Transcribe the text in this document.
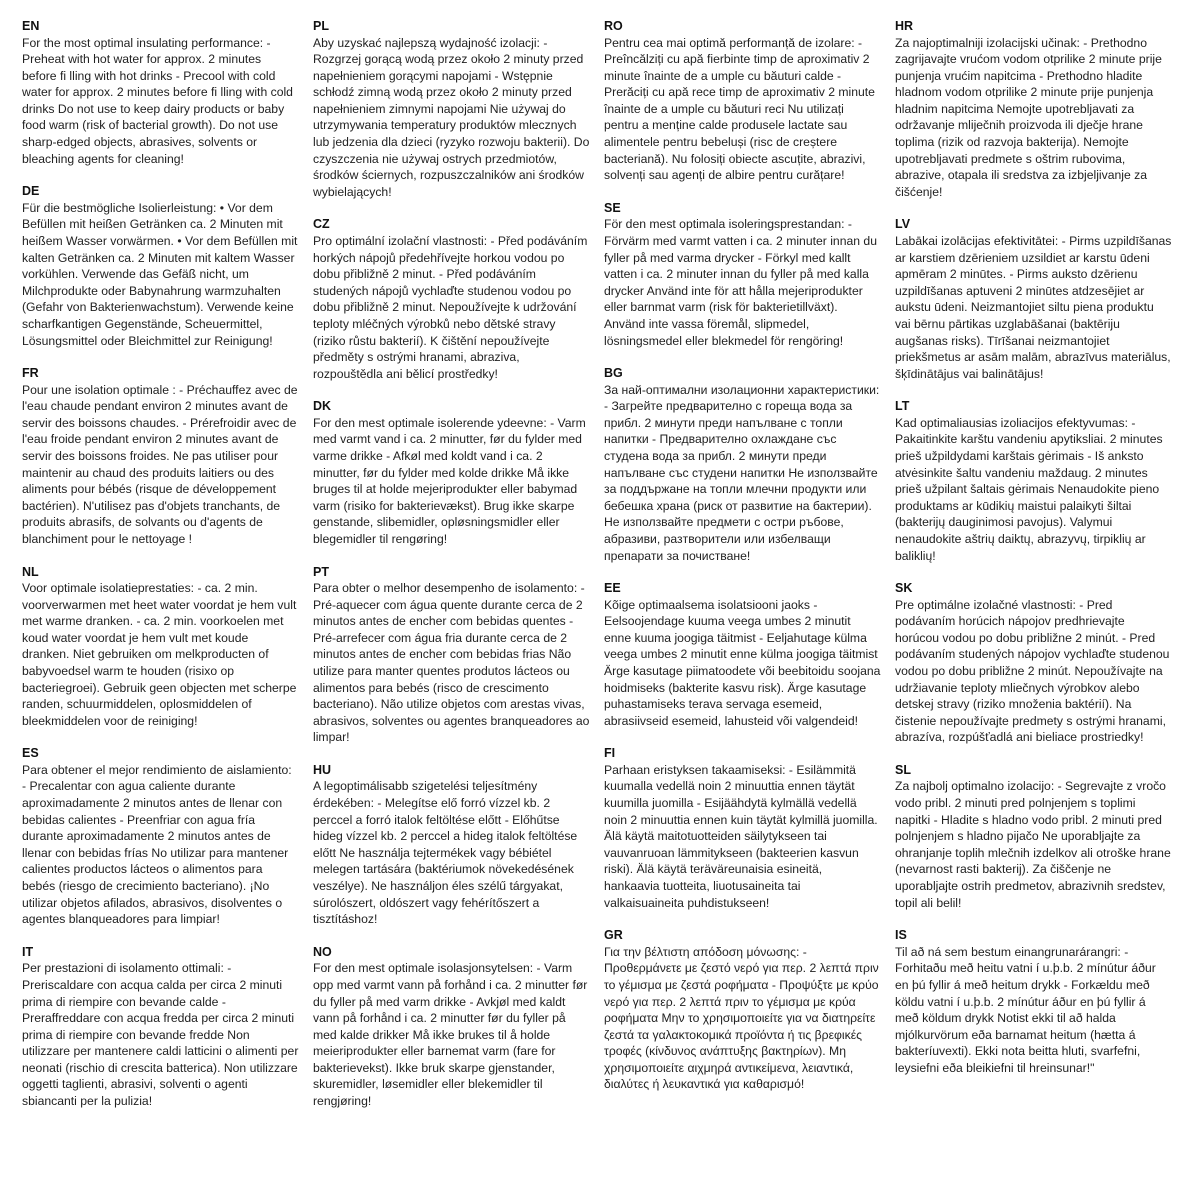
EN
For the most optimal insulating performance: - Preheat with hot water for approx. 2 minutes before fi lling with hot drinks - Precool with cold water for approx. 2 minutes before fi lling with cold drinks Do not use to keep dairy products or baby food warm (risk of bacterial growth). Do not use sharp-edged objects, abrasives, solvents or bleaching agents for cleaning!
DE
Für die bestmögliche Isolierleistung: • Vor dem Befüllen mit heißen Getränken ca. 2 Minuten mit heißem Wasser vorwärmen. • Vor dem Befüllen mit kalten Getränken ca. 2 Minuten mit kaltem Wasser vorkühlen. Verwende das Gefäß nicht, um Milchprodukte oder Babynahrung warmzuhalten (Gefahr von Bakterienwachstum). Verwende keine scharfkantigen Gegenstände, Scheuermittel, Lösungsmittel oder Bleichmittel zur Reinigung!
FR
Pour une isolation optimale : - Préchauffez avec de l'eau chaude pendant environ 2 minutes avant de servir des boissons chaudes. - Prérefroidir avec de l'eau froide pendant environ 2 minutes avant de servir des boissons froides. Ne pas utiliser pour maintenir au chaud des produits laitiers ou des aliments pour bébés (risque de développement bactérien). N'utilisez pas d'objets tranchants, de produits abrasifs, de solvants ou d'agents de blanchiment pour le nettoyage !
NL
Voor optimale isolatieprestaties: - ca. 2 min. voorverwarmen met heet water voordat je hem vult met warme dranken. - ca. 2 min. voorkoelen met koud water voordat je hem vult met koude dranken. Niet gebruiken om melkproducten of babyvoedsel warm te houden (risixo op bacteriegroei). Gebruik geen objecten met scherpe randen, schuurmiddelen, oplosmiddelen of bleekmiddelen voor de reiniging!
ES
Para obtener el mejor rendimiento de aislamiento: - Precalentar con agua caliente durante aproximadamente 2 minutos antes de llenar con bebidas calientes - Preenfriar con agua fría durante aproximadamente 2 minutos antes de llenar con bebidas frías No utilizar para mantener calientes productos lácteos o alimentos para bebés (riesgo de crecimiento bacteriano). ¡No utilizar objetos afilados, abrasivos, disolventes o agentes blanqueadores para limpiar!
IT
Per prestazioni di isolamento ottimali: - Preriscaldare con acqua calda per circa 2 minuti prima di riempire con bevande calde - Preraffreddare con acqua fredda per circa 2 minuti prima di riempire con bevande fredde Non utilizzare per mantenere caldi latticini o alimenti per neonati (rischio di crescita batterica). Non utilizzare oggetti taglienti, abrasivi, solventi o agenti sbiancanti per la pulizia!
PL
Aby uzyskać najlepszą wydajność izolacji: - Rozgrzej gorącą wodą przez około 2 minuty przed napełnieniem gorącymi napojami - Wstępnie schłodź zimną wodą przez około 2 minuty przed napełnieniem zimnymi napojami Nie używaj do utrzymywania temperatury produktów mlecznych lub jedzenia dla dzieci (ryzyko rozwoju bakterii). Do czyszczenia nie używaj ostrych przedmiotów, środków ściernych, rozpuszczalników ani środków wybielających!
CZ
Pro optimální izolační vlastnosti: - Před podáváním horkých nápojů předehřívejte horkou vodou po dobu přibližně 2 minut. - Před podáváním studených nápojů vychlaďte studenou vodou po dobu přibližně 2 minut. Nepoužívejte k udržování teploty mléčných výrobků nebo dětské stravy (riziko růstu bakterií). K čištění nepoužívejte předměty s ostrými hranami, abraziva, rozpouštědla ani bělicí prostředky!
DK
For den mest optimale isolerende ydeevne: - Varm med varmt vand i ca. 2 minutter, før du fylder med varme drikke - Afkøl med koldt vand i ca. 2 minutter, før du fylder med kolde drikke Må ikke bruges til at holde mejeriprodukter eller babymad varm (risiko for bakterievækst). Brug ikke skarpe genstande, slibemidler, opløsningsmidler eller blegemidler til rengøring!
PT
Para obter o melhor desempenho de isolamento: - Pré-aquecer com água quente durante cerca de 2 minutos antes de encher com bebidas quentes - Pré-arrefecer com água fria durante cerca de 2 minutos antes de encher com bebidas frias Não utilize para manter quentes produtos lácteos ou alimentos para bebés (risco de crescimento bacteriano). Não utilize objetos com arestas vivas, abrasivos, solventes ou agentes branqueadores ao limpar!
HU
A legoptimálisabb szigetelési teljesítmény érdekében: - Melegítse elő forró vízzel kb. 2 perccel a forró italok feltöltése előtt - Előhűtse hideg vízzel kb. 2 perccel a hideg italok feltöltése előtt Ne használja tejtermékek vagy bébiétel melegen tartására (baktériumok növekedésének veszélye). Ne használjon éles szélű tárgyakat, súrolószert, oldószert vagy fehérítőszert a tisztításhoz!
NO
For den mest optimale isolasjonsytelsen: - Varm opp med varmt vann på forhånd i ca. 2 minutter før du fyller på med varm drikke - Avkjøl med kaldt vann på forhånd i ca. 2 minutter før du fyller på med kalde drikker Må ikke brukes til å holde meieriprodukter eller barnemat varm (fare for bakterievekst). Ikke bruk skarpe gjenstander, skuremidler, løsemidler eller blekemidler til rengjøring!
RO
Pentru cea mai optimă performanță de izolare: - Preîncălziți cu apă fierbinte timp de aproximativ 2 minute înainte de a umple cu băuturi calde - Prerăciți cu apă rece timp de aproximativ 2 minute înainte de a umple cu băuturi reci Nu utilizați pentru a menține calde produsele lactate sau alimentele pentru bebeluși (risc de creștere bacteriană). Nu folosiți obiecte ascuțite, abrazivi, solvenți sau agenți de albire pentru curățare!
SE
För den mest optimala isoleringsprestandan: - Förvärm med varmt vatten i ca. 2 minuter innan du fyller på med varma drycker - Förkyl med kallt vatten i ca. 2 minuter innan du fyller på med kalla drycker Använd inte för att hålla mejeriprodukter eller barnmat varm (risk för bakterietillväxt). Använd inte vassa föremål, slipmedel, lösningsmedel eller blekmedel för rengöring!
BG
За най-оптимални изолационни характеристики: - Загрейте предварително с гореща вода за прибл. 2 минути преди напълване с топли напитки - Предварително охлаждане със студена вода за прибл. 2 минути преди напълване със студени напитки Не използвайте за поддържане на топли млечни продукти или бебешка храна (риск от развитие на бактерии). Не използвайте предмети с остри ръбове, абразиви, разтворители или избелващи препарати за почистване!
EE
Kõige optimaalsema isolatsiooni jaoks - Eelsoojendage kuuma veega umbes 2 minutit enne kuuma joogiga täitmist - Eeljahutage külma veega umbes 2 minutit enne külma joogiga täitmist Ärge kasutage piimatoodete või beebitoidu soojana hoidmiseks (bakterite kasvu risk). Ärge kasutage puhastamiseks terava servaga esemeid, abrasiivseid esemeid, lahusteid või valgendeid!
FI
Parhaan eristyksen takaamiseksi: - Esilämmitä kuumalla vedellä noin 2 minuuttia ennen täytät kuumilla juomilla - Esijäähdytä kylmällä vedellä noin 2 minuuttia ennen kuin täytät kylmillä juomilla. Älä käytä maitotuotteiden säilytykseen tai vauvanruoan lämmitykseen (bakteerien kasvun riski). Älä käytä teräväreunaisia esineitä, hankaavia tuotteita, liuotusaineita tai valkaisuaineita puhdistukseen!
GR
Για την βέλτιστη απόδοση μόνωσης: - Προθερμάνετε με ζεστό νερό για περ. 2 λεπτά πριν το γέμισμα με ζεστά ροφήματα - Προψύξτε με κρύο νερό για περ. 2 λεπτά πριν το γέμισμα με κρύα ροφήματα Μην το χρησιμοποιείτε για να διατηρείτε ζεστά τα γαλακτοκομικά προϊόντα ή τις βρεφικές τροφές (κίνδυνος ανάπτυξης βακτηρίων). Μη χρησιμοποιείτε αιχμηρά αντικείμενα, λειαντικά, διαλύτες ή λευκαντικά για καθαρισμό!
HR
Za najoptimalniji izolacijski učinak: - Prethodno zagrijavajte vrućom vodom otprilike 2 minute prije punjenja vrućim napitcima - Prethodno hladite hladnom vodom otprilike 2 minute prije punjenja hladnim napitcima Nemojte upotrebljavati za održavanje mliječnih proizvoda ili dječje hrane toplima (rizik od razvoja bakterija). Nemojte upotrebljavati predmete s oštrim rubovima, abrazive, otapala ili sredstva za izbjeljivanje za čišćenje!
LV
Labākai izolācijas efektivitātei: - Pirms uzpildīšanas ar karstiem dzērieniem uzsildiet ar karstu ūdeni apmēram 2 minūtes. - Pirms auksto dzērienu uzpildīšanas aptuveni 2 minūtes atdzesējiet ar aukstu ūdeni. Neizmantojiet siltu piena produktu vai bērnu pārtikas uzglabāšanai (baktēriju augšanas risks). Tīrīšanai neizmantojiet priekšmetus ar asām malām, abrazīvus materiālus, šķīdinātājus vai balinātājus!
LT
Kad optimaliausias izoliacijos efektyvumas: - Pakaitinkite karštu vandeniu apytiksliai. 2 minutes prieš užpildydami karštais gėrimais - Iš anksto atvėsinkite šaltu vandeniu maždaug. 2 minutes prieš užpilant šaltais gėrimais Nenaudokite pieno produktams ar kūdikių maistui palaikyti šiltai (bakterijų dauginimosi pavojus). Valymui nenaudokite aštrių daiktų, abrazyvų, tirpiklių ar baliklių!
SK
Pre optimálne izolačné vlastnosti: - Pred podávaním horúcich nápojov predhrievajte horúcou vodou po dobu približne 2 minút. - Pred podávaním studených nápojov vychlaďte studenou vodou po dobu približne 2 minút. Nepoužívajte na udržiavanie teploty mliečnych výrobkov alebo detskej stravy (riziko množenia baktérií). Na čistenie nepoužívajte predmety s ostrými hranami, abrazíva, rozpúšťadlá ani bieliace prostriedky!
SL
Za najbolj optimalno izolacijo: - Segrevajte z vročo vodo pribl. 2 minuti pred polnjenjem s toplimi napitki - Hladite s hladno vodo pribl. 2 minuti pred polnjenjem s hladno pijačo Ne uporabljajte za ohranjanje toplih mlečnih izdelkov ali otroške hrane (nevarnost rasti bakterij). Za čiščenje ne uporabljajte ostrih predmetov, abrazivnih sredstev, topil ali belil!
IS
Til að ná sem bestum einangrunarárangri: - Forhitaðu með heitu vatni í u.þ.b. 2 mínútur áður en þú fyllir á með heitum drykk - Forkældu með köldu vatni í u.þ.b. 2 mínútur áður en þú fyllir á með köldum drykk Notist ekki til að halda mjólkurvörum eða barnamat heitum (hætta á bakteríuvexti). Ekki nota beitta hluti, svarfefni, leysiefni eða bleikiefni til hreinsunar!"
